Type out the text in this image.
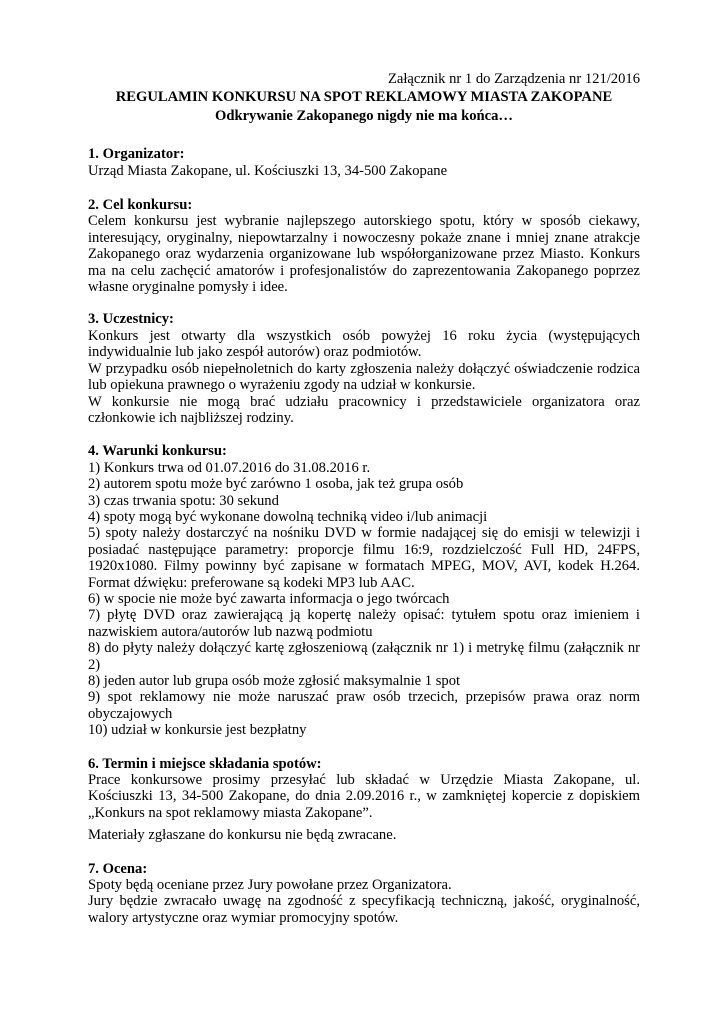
Załącznik nr 1 do Zarządzenia nr 121/2016

REGULAMIN KONKURSU NA SPOT REKLAMOWY MIASTA ZAKOPANE

Odkrywanie Zakopanego nigdy nie ma końca…

1. Organizator:

Urząd Miasta Zakopane, ul. Kościuszki 13, 34-500 Zakopane

2. Cel konkursu:

Celem konkursu jest wybranie najlepszego autorskiego spotu, który w sposób ciekawy, interesujący, oryginalny, niepowtarzalny i nowoczesny pokaże znane i mniej znane atrakcje Zakopanego oraz wydarzenia organizowane lub współorganizowane przez Miasto. Konkurs ma na celu zachęcić amatorów i profesjonalistów do zaprezentowania Zakopanego poprzez własne oryginalne pomysły i idee.

3. Uczestnicy:

Konkurs jest otwarty dla wszystkich osób powyżej 16 roku życia (występujących indywidualnie lub jako zespół autorów) oraz podmiotów.

W przypadku osób niepełnoletnich do karty zgłoszenia należy dołączyć oświadczenie rodzica lub opiekuna prawnego o wyrażeniu zgody na udział w konkursie.

W konkursie nie mogą brać udziału pracownicy i przedstawiciele organizatora oraz członkowie ich najbliższej rodziny.

4. Warunki konkursu:

1) Konkurs trwa od 01.07.2016 do 31.08.2016 r.

2) autorem spotu może być zarówno 1 osoba, jak też grupa osób

3) czas trwania spotu: 30 sekund

4) spoty mogą być wykonane dowolną techniką video i/lub animacji

5) spoty należy dostarczyć na nośniku DVD w formie nadającej się do emisji w telewizji i posiadać następujące parametry: proporcje filmu 16:9, rozdzielczość Full HD, 24FPS, 1920x1080. Filmy powinny być zapisane w formatach MPEG, MOV, AVI, kodek H.264. Format dźwięku: preferowane są kodeki MP3 lub AAC.

6) w spocie nie może być zawarta informacja o jego twórcach

7) płytę DVD oraz zawierającą ją kopertę należy opisać: tytułem spotu oraz imieniem i nazwiskiem autora/autorów lub nazwą podmiotu

8) do płyty należy dołączyć kartę zgłoszeniową (załącznik nr 1) i metrykę filmu (załącznik nr 2)

8) jeden autor lub grupa osób może zgłosić maksymalnie 1 spot

9) spot reklamowy nie może naruszać praw osób trzecich, przepisów prawa oraz norm obyczajowych

10) udział w konkursie jest bezpłatny

6. Termin i miejsce składania spotów:

Prace konkursowe prosimy przesyłać lub składać w Urzędzie Miasta Zakopane, ul. Kościuszki 13, 34-500 Zakopane, do dnia 2.09.2016 r., w zamkniętej kopercie z dopiskiem „Konkurs na spot reklamowy miasta Zakopane”.

Materiały zgłaszane do konkursu nie będą zwracane.

7. Ocena:

Spoty będą oceniane przez Jury powołane przez Organizatora.

Jury będzie zwracało uwagę na zgodność z specyfikacją techniczną, jakość, oryginalność, walory artystyczne oraz wymiar promocyjny spotów.
